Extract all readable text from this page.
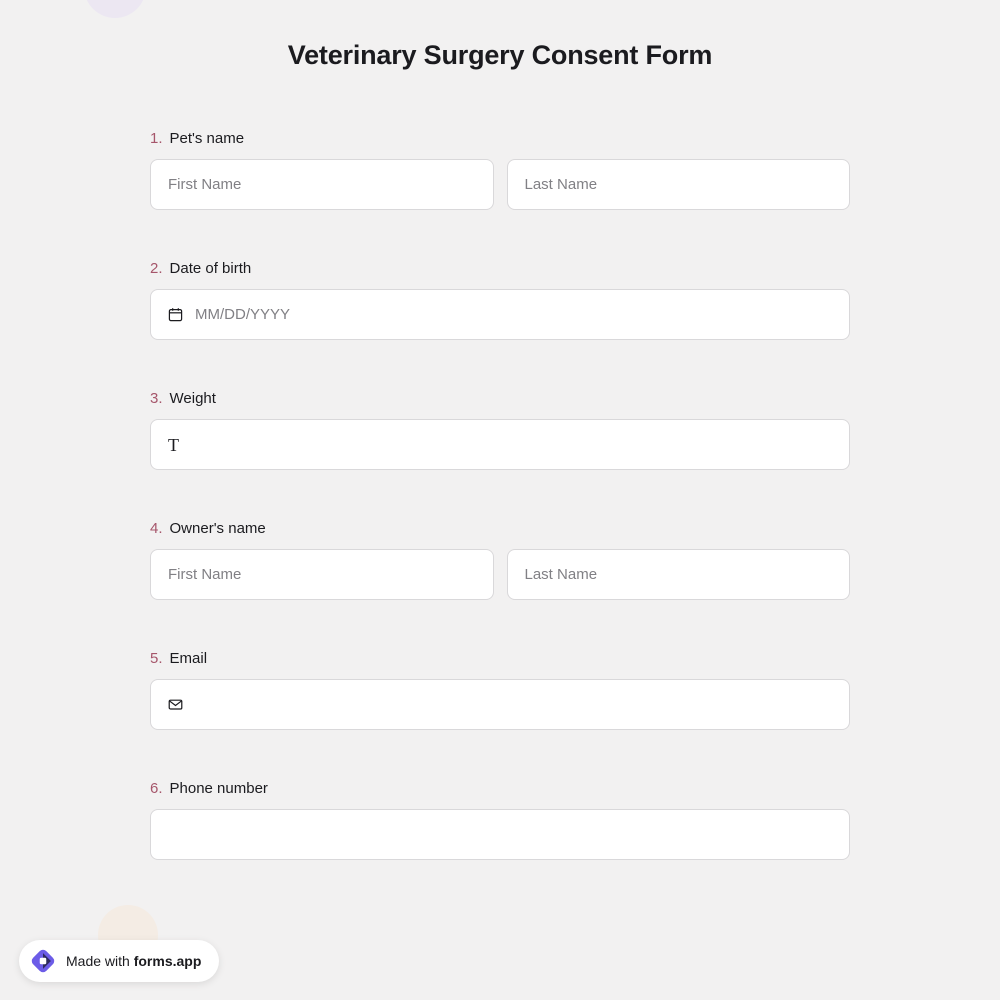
Veterinary Surgery Consent Form
1. Pet's name
First Name	Last Name
2. Date of birth
MM/DD/YYYY
3. Weight
T
4. Owner's name
First Name	Last Name
5. Email
6. Phone number
Made with forms.app
